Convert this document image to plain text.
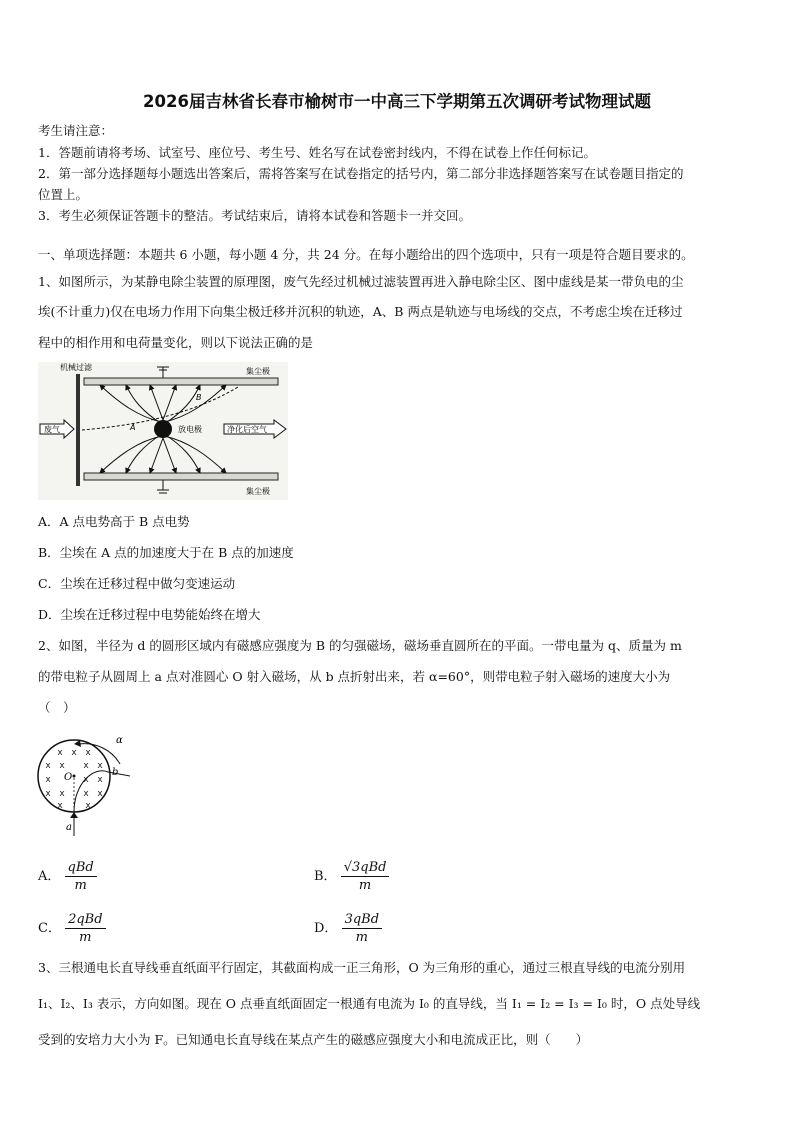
2026届吉林省长春市榆树市一中高三下学期第五次调研考试物理试题
考生请注意：
1．答题前请将考场、试室号、座位号、考生号、姓名写在试卷密封线内，不得在试卷上作任何标记。
2．第一部分选择题每小题选出答案后，需将答案写在试卷指定的括号内，第二部分非选择题答案写在试卷题目指定的
位置上。
3．考生必须保证答题卡的整洁。考试结束后，请将本试卷和答题卡一并交回。
一、单项选择题：本题共 6 小题，每小题 4 分，共 24 分。在每小题给出的四个选项中，只有一项是符合题目要求的。
1、如图所示，为某静电除尘装置的原理图，废气先经过机械过滤装置再进入静电除尘区、图中虚线是某一带负电的尘
埃(不计重力)仅在电场力作用下向集尘极迁移并沉积的轨迹，A、B 两点是轨迹与电场线的交点，不考虑尘埃在迁移过
程中的相作用和电荷量变化，则以下说法正确的是
机械过滤	集尘极
集尘极
废气	净化后空气
放电极
A
B
A．A 点电势高于 B 点电势
B．尘埃在 A 点的加速度大于在 B 点的加速度
C．尘埃在迁移过程中做匀变速运动
D．尘埃在迁移过程中电势能始终在增大
2、如图，半径为 d 的圆形区域内有磁感应强度为 B 的匀强磁场，磁场垂直圆所在的平面。一带电量为 q、质量为 m
的带电粒子从圆周上 a 点对准圆心 O 射入磁场，从 b 点折射出来，若 α=60°，则带电粒子射入磁场的速度大小为
（　）
x x x
x x x x
x	x x
x x x x
x	x
O
a
b
α
A． $\frac{\text{qBd}}{m}$	B． $\frac{\text{√3qBd}}{m}$
C． $\frac{\text{2qBd}}{m}$	D． $\frac{\text{3qBd}}{m}$
3、三根通电长直导线垂直纸面平行固定，其截面构成一正三角形，O 为三角形的重心，通过三根直导线的电流分别用
I₁、I₂、I₃ 表示，方向如图。现在 O 点垂直纸面固定一根通有电流为 I₀ 的直导线，当 I₁ = I₂ = I₃ = I₀ 时，O 点处导线
受到的安培力大小为 F。已知通电长直导线在某点产生的磁感应强度大小和电流成正比，则（　　）
